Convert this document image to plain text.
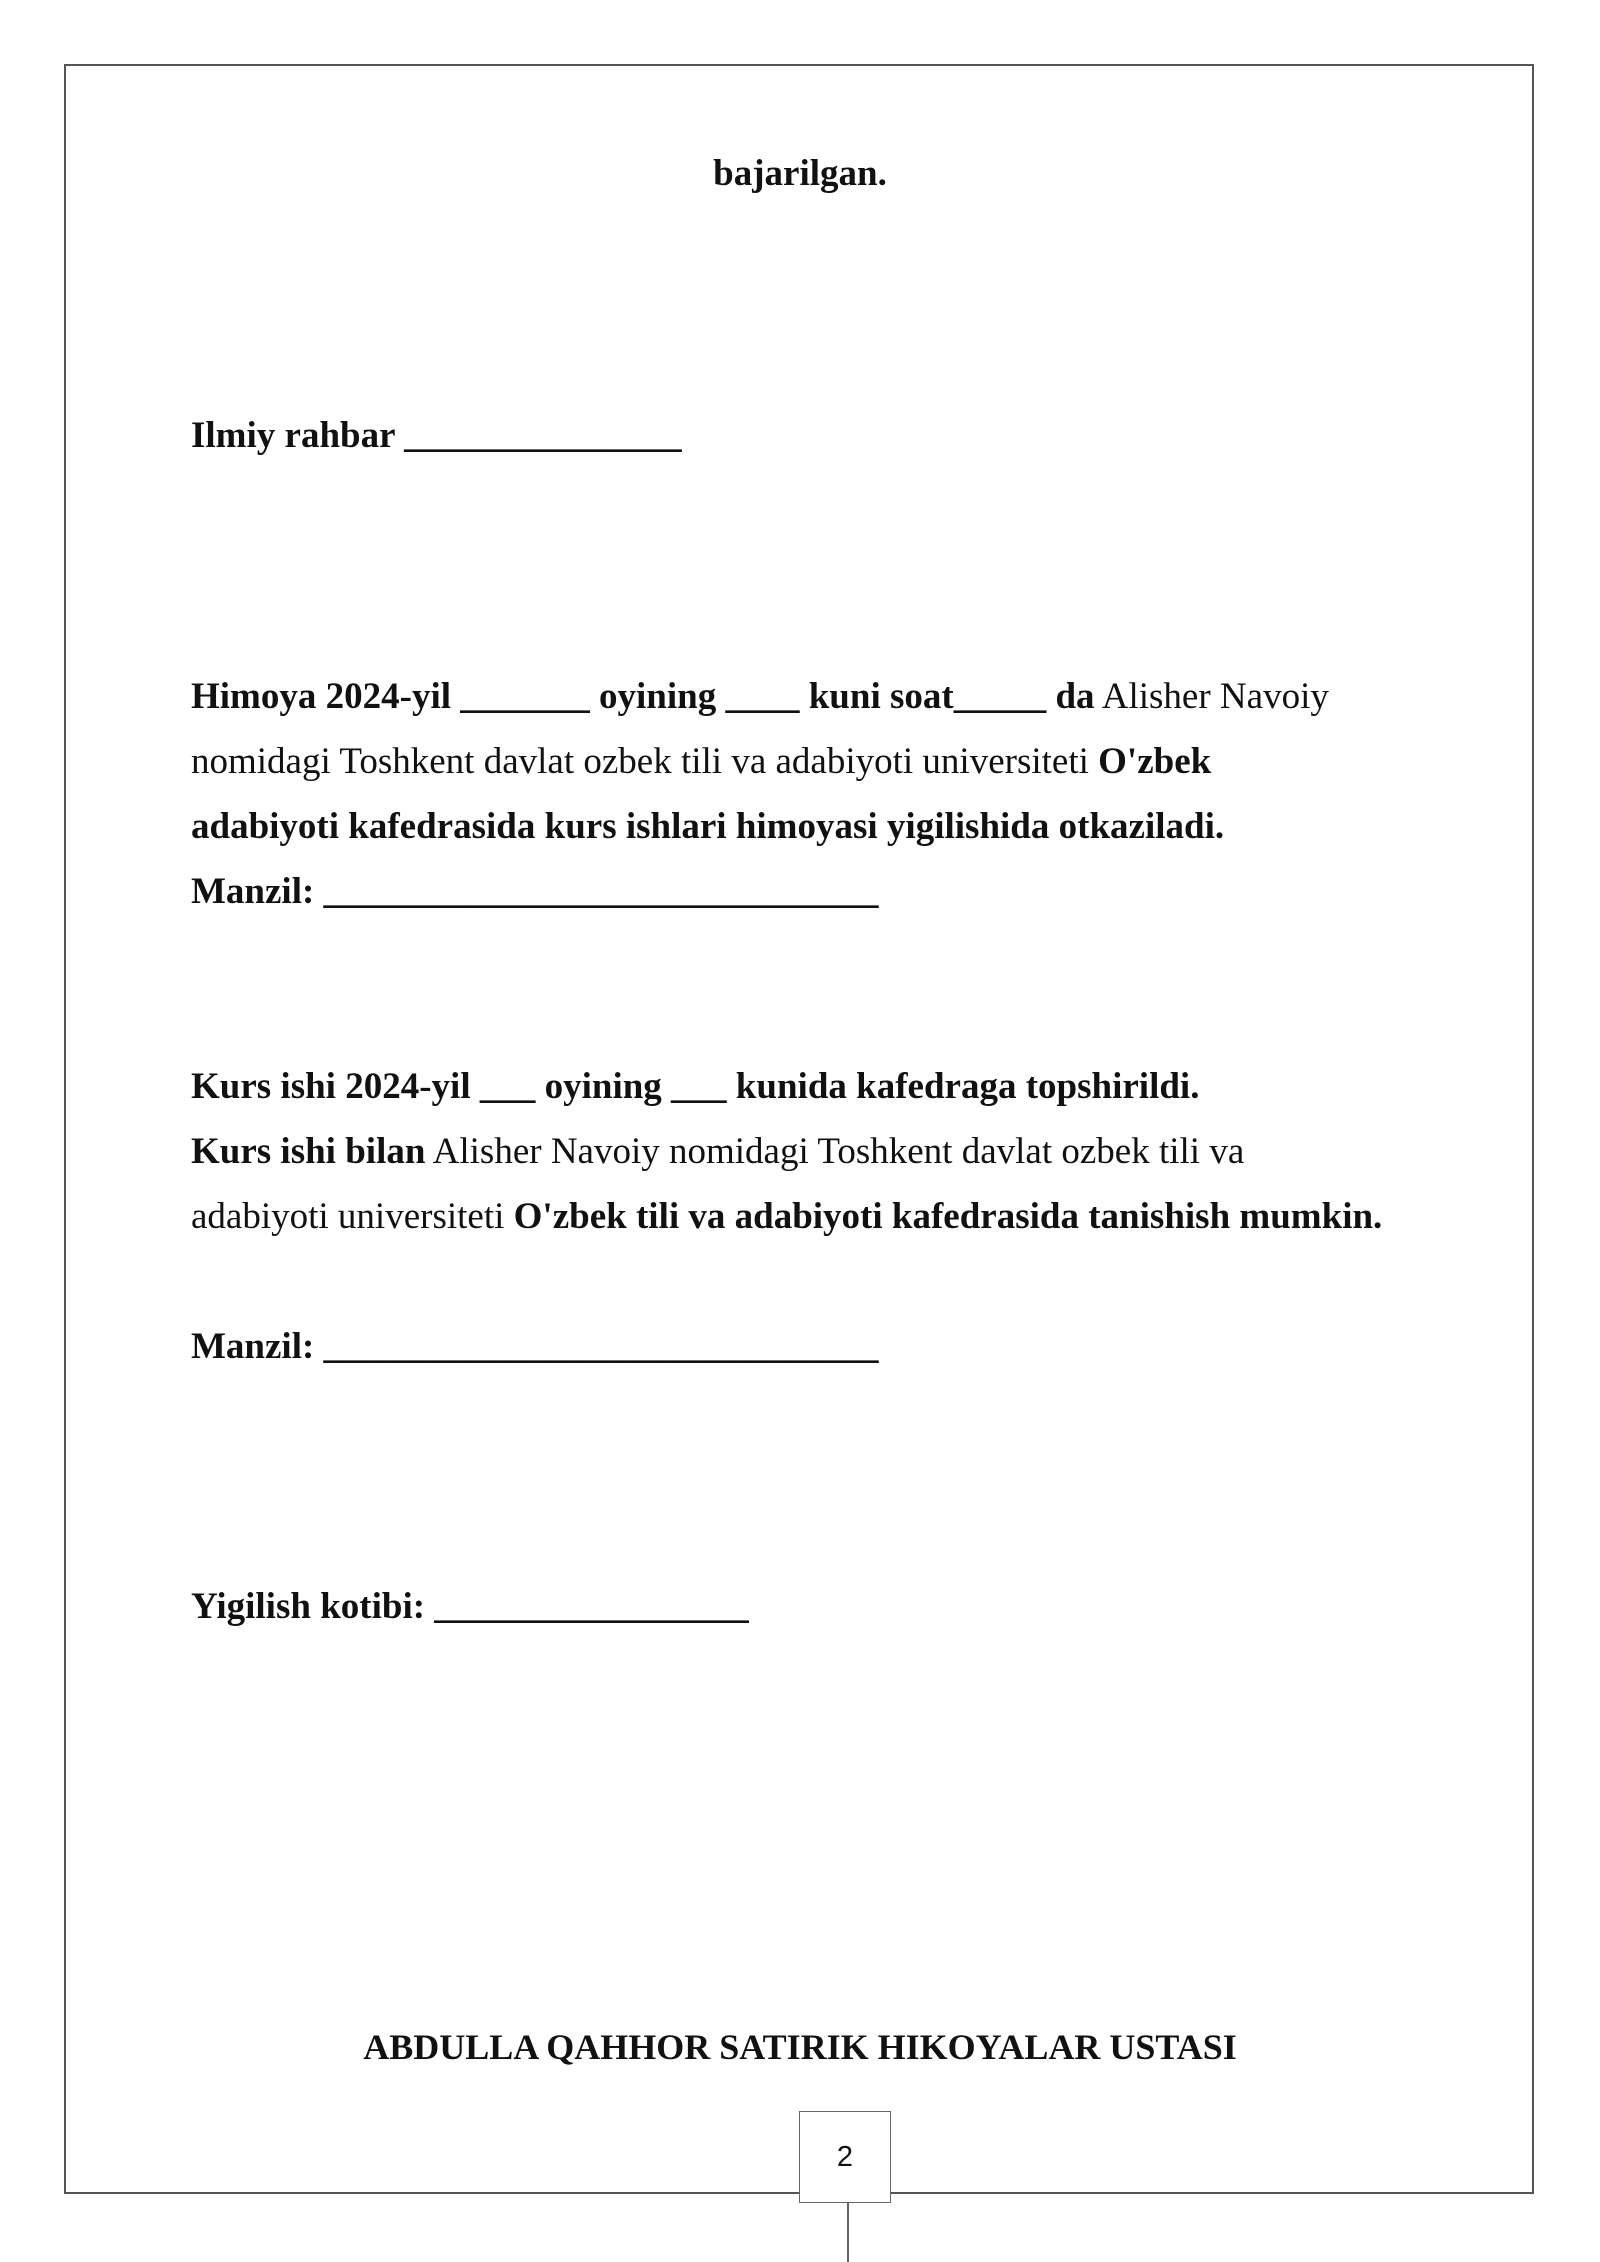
bajarilgan.
Ilmiy rahbar _______________
Himoya 2024-yil _______ oyining ____ kuni soat_____ da Alisher Navoiy
nomidagi Toshkent davlat ozbek tili va adabiyoti universiteti O'zbek
adabiyoti kafedrasida kurs ishlari himoyasi yigilishida otkaziladi.
Manzil: ______________________________
Kurs ishi 2024-yil ___ oyining ___ kunida kafedraga topshirildi.
Kurs ishi bilan Alisher Navoiy nomidagi Toshkent davlat ozbek tili va
adabiyoti universiteti O'zbek tili va adabiyoti kafedrasida tanishish mumkin.
Manzil: ______________________________
Yigilish kotibi: _________________
ABDULLA QAHHOR SATIRIK HIKOYALAR USTASI
2
